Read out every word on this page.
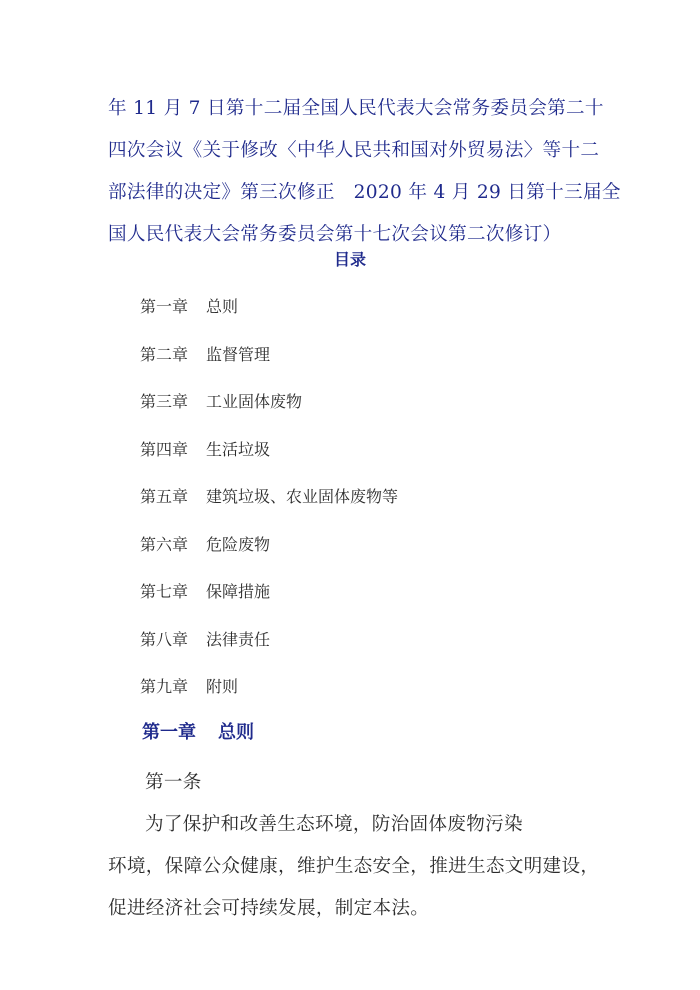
年 11 月 7 日第十二届全国人民代表大会常务委员会第二十
四次会议《关于修改〈中华人民共和国对外贸易法〉等十二
部法律的决定》第三次修正　2020 年 4 月 29 日第十三届全
国人民代表大会常务委员会第十七次会议第二次修订）

目录
第一章 总则
第二章 监督管理
第三章 工业固体废物
第四章 生活垃圾
第五章 建筑垃圾、农业固体废物等
第六章 危险废物
第七章 保障措施
第八章 法律责任
第九章 附则
第一章 总则

第一条
为了保护和改善生态环境，防治固体废物污染
环境，保障公众健康，维护生态安全，推进生态文明建设，
促进经济社会可持续发展，制定本法。
